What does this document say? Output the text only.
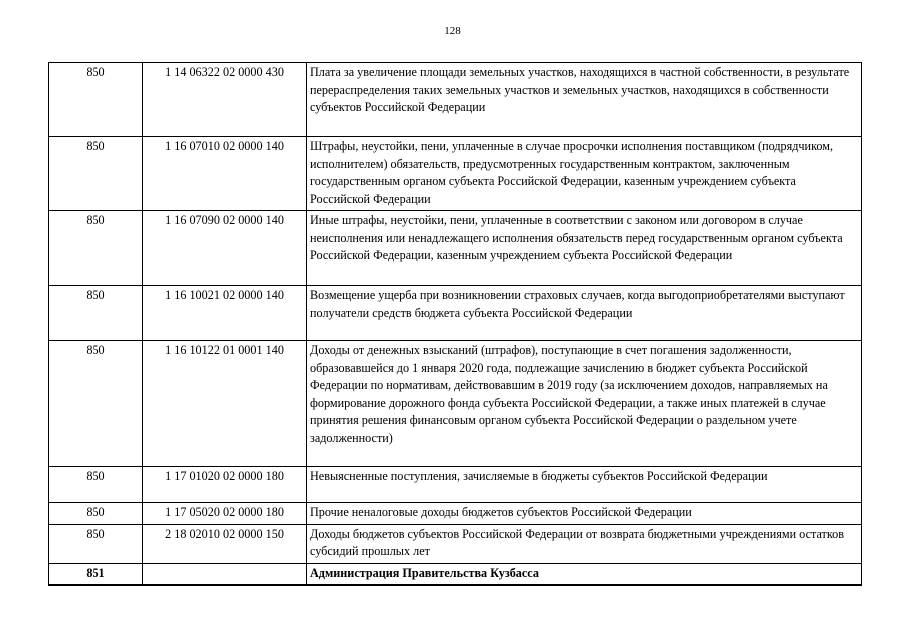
128
850	1 14 06322 02 0000 430	Плата за увеличение площади земельных участков, находящихся в частной собственности, в результате перераспределения таких земельных участков и земельных участков, находящихся в собственности субъектов Российской Федерации
850	1 16 07010 02 0000 140	Штрафы, неустойки, пени, уплаченные в случае просрочки исполнения поставщиком (подрядчиком, исполнителем) обязательств, предусмотренных государственным контрактом, заключенным государственным органом субъекта Российской Федерации, казенным учреждением субъекта Российской Федерации
850	1 16 07090 02 0000 140	Иные штрафы, неустойки, пени, уплаченные в соответствии с законом или договором в случае неисполнения или ненадлежащего исполнения обязательств перед государственным органом субъекта Российской Федерации, казенным учреждением субъекта Российской Федерации
850	1 16 10021 02 0000 140	Возмещение ущерба при возникновении страховых случаев, когда выгодоприобретателями выступают получатели средств бюджета субъекта Российской Федерации
850	1 16 10122 01 0001 140	Доходы от денежных взысканий (штрафов), поступающие в счет погашения задолженности, образовавшейся до 1 января 2020 года, подлежащие зачислению в бюджет субъекта Российской Федерации по нормативам, действовавшим в 2019 году (за исключением доходов, направляемых на формирование дорожного фонда субъекта Российской Федерации, а также иных платежей в случае принятия решения финансовым органом субъекта Российской Федерации о раздельном учете задолженности)
850	1 17 01020 02 0000 180	Невыясненные поступления, зачисляемые в бюджеты субъектов Российской Федерации
850	1 17 05020 02 0000 180	Прочие неналоговые доходы бюджетов субъектов Российской Федерации
850	2 18 02010 02 0000 150	Доходы бюджетов субъектов Российской Федерации от возврата бюджетными учреждениями остатков субсидий прошлых лет
851		Администрация Правительства Кузбасса
